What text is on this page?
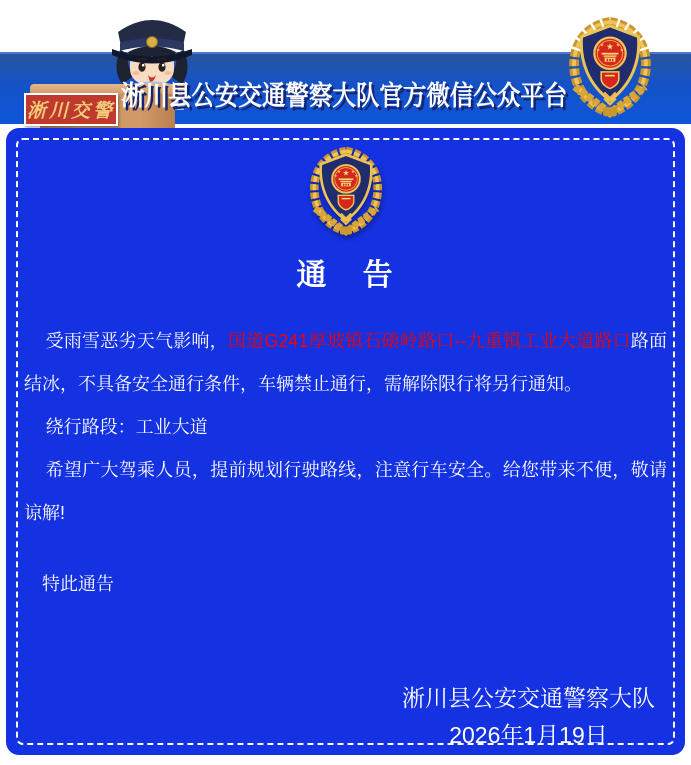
淅川县公安交通警察大队官方微信公众平台
淅川交警
★
★	★
★	★
★
★ ★
★	★
通 告

受雨雪恶劣天气影响，国道G241厚坡镇石磙岭路口--九重镇工业大道路口路面结冰，不具备安全通行条件，车辆禁止通行，需解除限行将另行通知。

绕行路段：工业大道

希望广大驾乘人员，提前规划行驶路线，注意行车安全。给您带来不便，敬请谅解!

特此通告

淅川县公安交通警察大队
2026年1月19日
